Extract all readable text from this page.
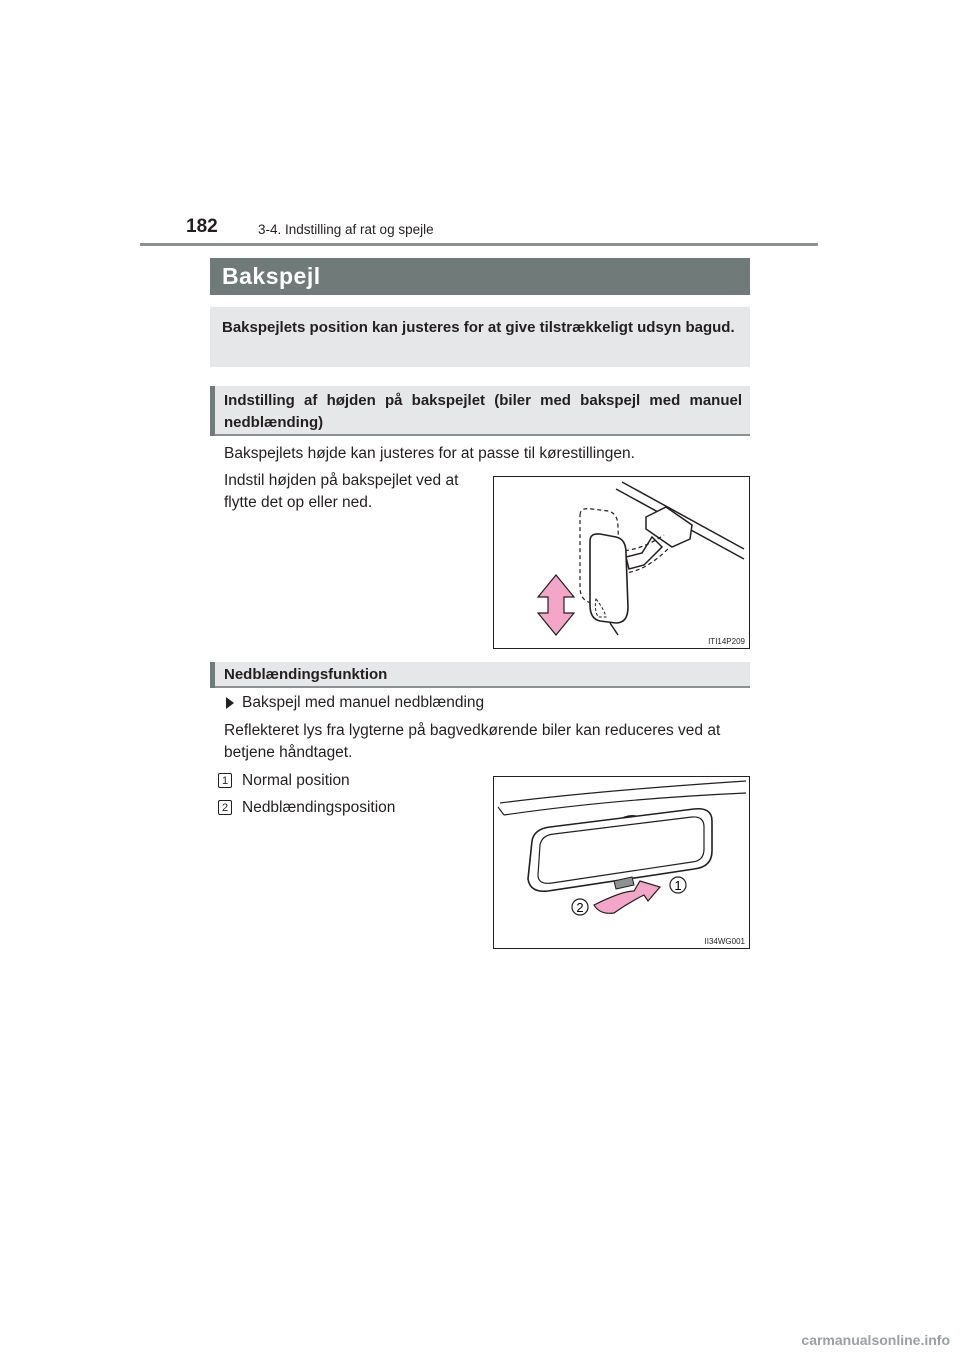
182	3-4. Indstilling af rat og spejle
Bakspejl
Bakspejlets position kan justeres for at give tilstrækkeligt udsyn bagud.
Indstilling af højden på bakspejlet (biler med bakspejl med manuel nedblænding)
Bakspejlets højde kan justeres for at passe til kørestillingen.
Indstil højden på bakspejlet ved at flytte det op eller ned.
ITI14P209
Nedblændingsfunktion
Bakspejl med manuel nedblænding
Reflekteret lys fra lygterne på bagvedkørende biler kan reduceres ved at betjene håndtaget.
1 Normal position
2 Nedblændingsposition
1
2
II34WG001
carmanualsonline.info
